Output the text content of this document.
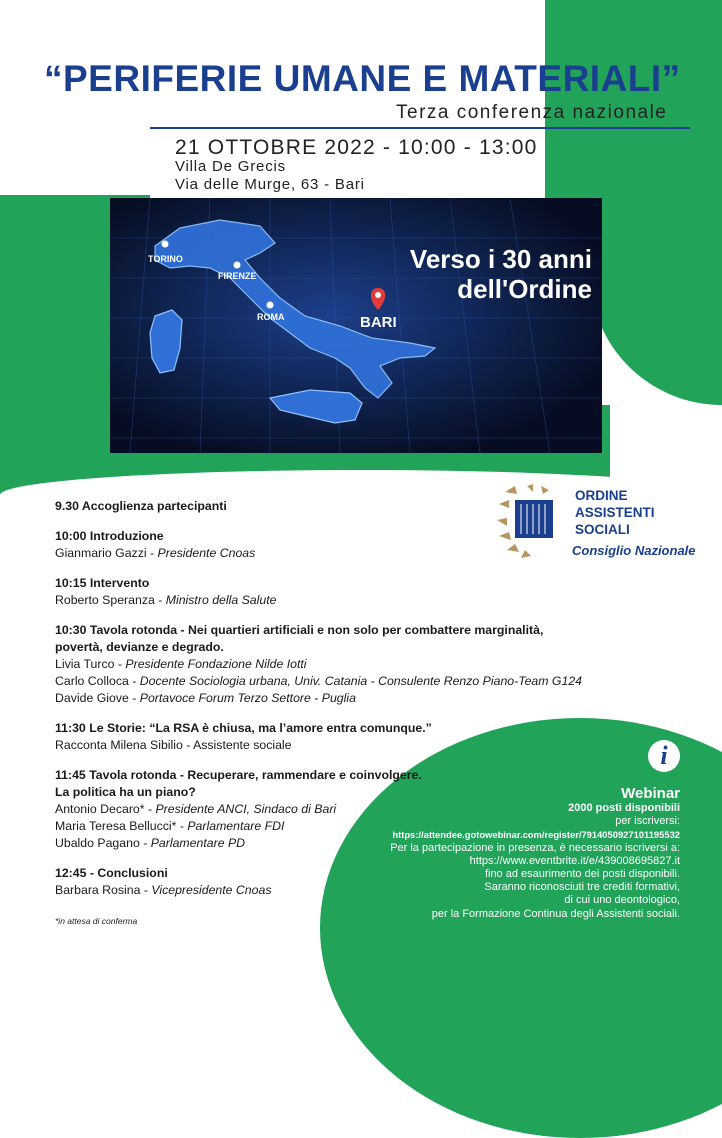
“PERIFERIE UMANE E MATERIALI”
Terza conferenza nazionale
21 OTTOBRE 2022 - 10:00 - 13:00
Villa De Grecis
Via delle Murge, 63 - Bari
TORINO
FIRENZE
ROMA	BARI
Verso i 30 anni
dell'Ordine
ORDINE
ASSISTENTI
SOCIALI
Consiglio Nazionale
9.30 Accoglienza partecipanti
10:00 Introduzione
Gianmario Gazzi - Presidente Cnoas
10:15 Intervento
Roberto Speranza - Ministro della Salute
10:30 Tavola rotonda - Nei quartieri artificiali e non solo per combattere marginalità,
povertà, devianze e degrado.
Livia Turco - Presidente Fondazione Nilde Iotti
Carlo Colloca - Docente Sociologia urbana, Univ. Catania - Consulente Renzo Piano-Team G124
Davide Giove - Portavoce Forum Terzo Settore - Puglia
11:30 Le Storie: “La RSA è chiusa, ma l’amore entra comunque.”
Racconta Milena Sibilio - Assistente sociale
11:45 Tavola rotonda - Recuperare, rammendare e coinvolgere.
La politica ha un piano?
Antonio Decaro* - Presidente ANCI, Sindaco di Bari
Maria Teresa Bellucci* - Parlamentare FDI
Ubaldo Pagano - Parlamentare PD
12:45 - Conclusioni
Barbara Rosina - Vicepresidente Cnoas
*in attesa di conferma
i
Webinar
2000 posti disponibili
per iscriversi:
https://attendee.gotowebinar.com/register/7914050927101195532
Per la partecipazione in presenza, è necessario iscriversi a:
https://www.eventbrite.it/e/439008695827.it
fino ad esaurimento dei posti disponibili.
Saranno riconosciuti tre crediti formativi,
di cui uno deontologico,
per la Formazione Continua degli Assistenti sociali.
